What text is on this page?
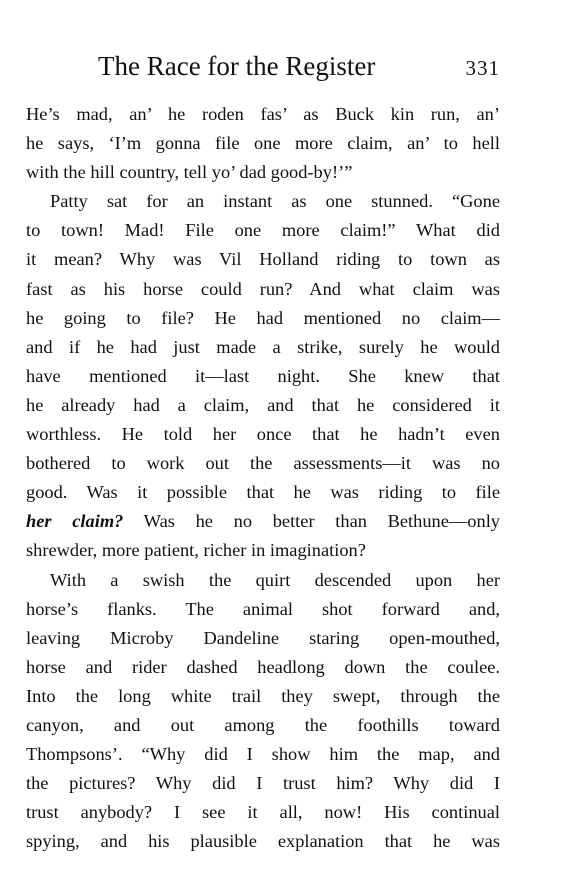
The Race for the Register	331
He’s mad, an’ he roden fas’ as Buck kin run, an’
he says, ‘I’m gonna file one more claim, an’ to hell
with the hill country, tell yo’ dad good-by!’”
Patty sat for an instant as one stunned. “Gone
to town! Mad! File one more claim!” What did
it mean? Why was Vil Holland riding to town as
fast as his horse could run? And what claim was
he going to file? He had mentioned no claim—
and if he had just made a strike, surely he would
have mentioned it—last night. She knew that
he already had a claim, and that he considered it
worthless. He told her once that he hadn’t even
bothered to work out the assessments—it was no
good. Was it possible that he was riding to file
her claim? Was he no better than Bethune—only
shrewder, more patient, richer in imagination?
With a swish the quirt descended upon her
horse’s flanks. The animal shot forward and,
leaving Microby Dandeline staring open-mouthed,
horse and rider dashed headlong down the coulee.
Into the long white trail they swept, through the
canyon, and out among the foothills toward
Thompsons’. “Why did I show him the map, and
the pictures? Why did I trust him? Why did I
trust anybody? I see it all, now! His continual
spying, and his plausible explanation that he was
